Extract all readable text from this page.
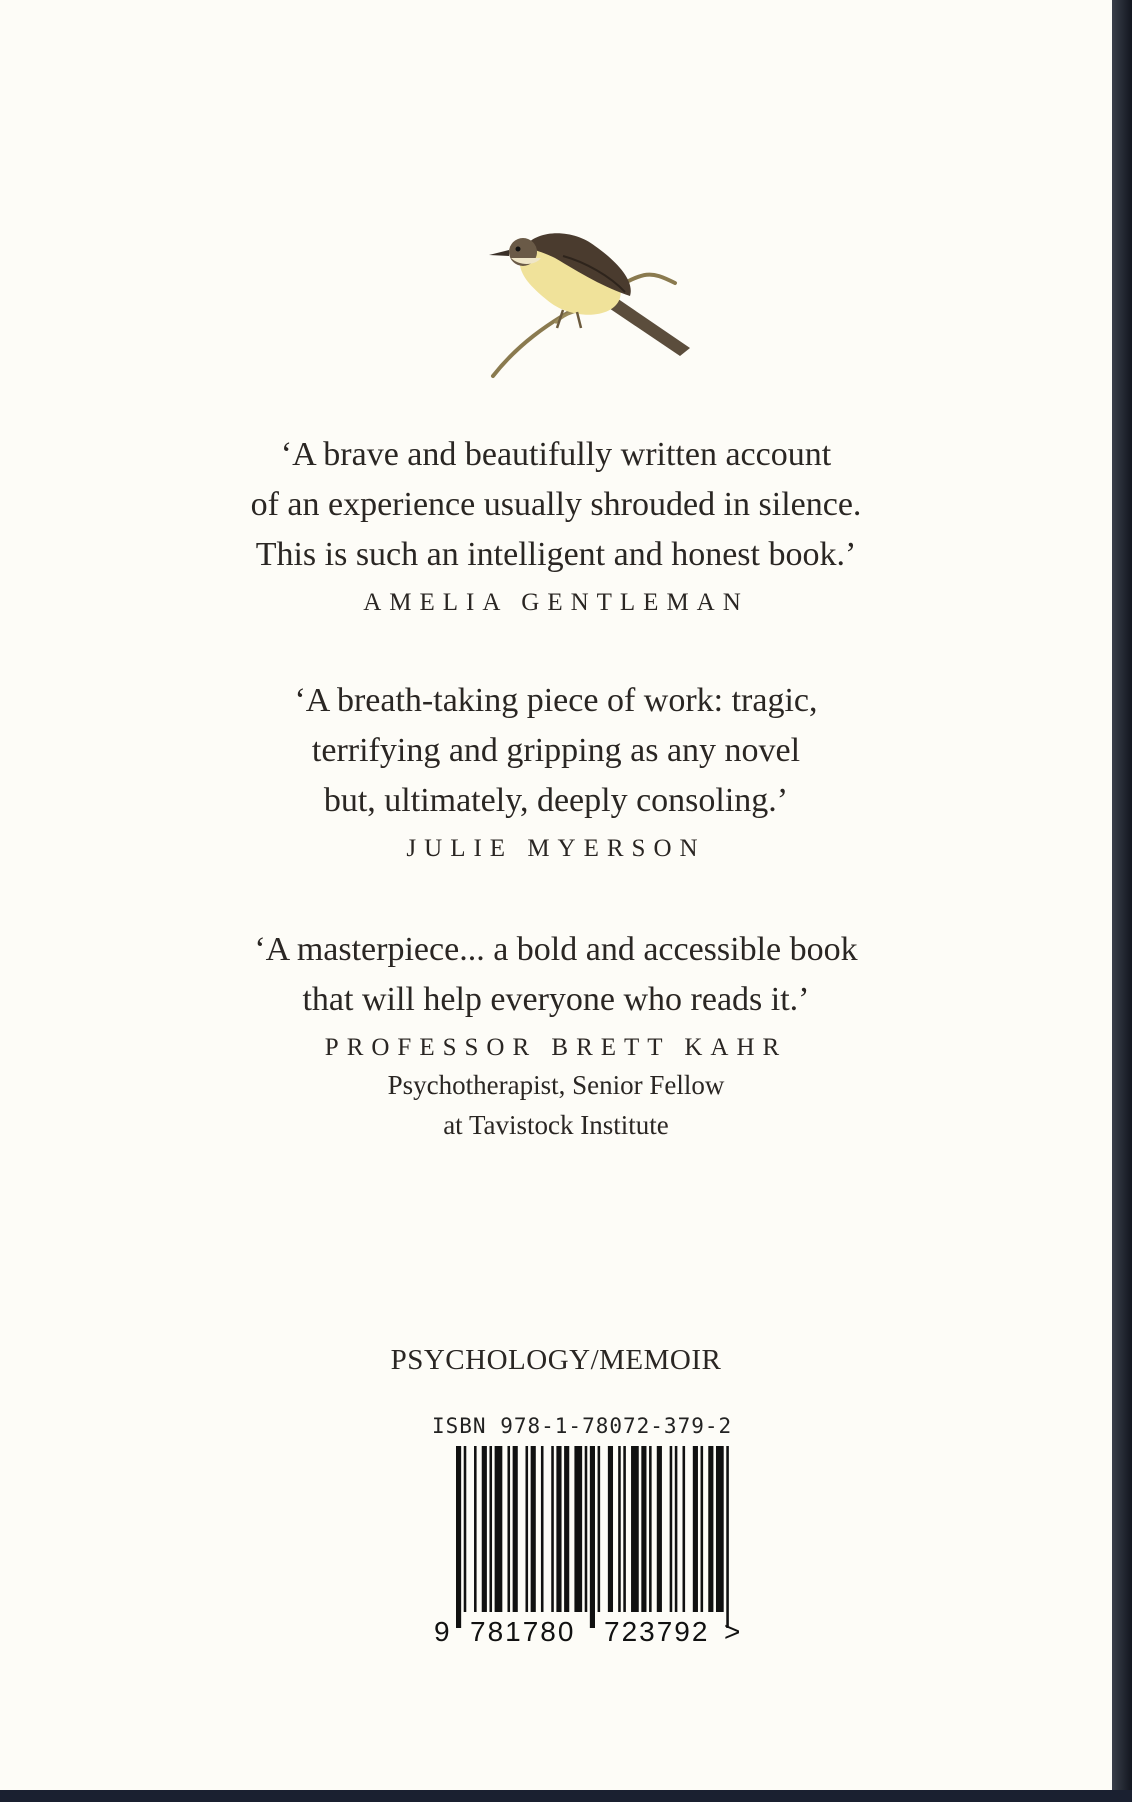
‘A brave and beautifully written account
of an experience usually shrouded in silence.
This is such an intelligent and honest book.’

AMELIA GENTLEMAN

‘A breath-taking piece of work: tragic,
terrifying and gripping as any novel
but, ultimately, deeply consoling.’

JULIE MYERSON

‘A masterpiece... a bold and accessible book
that will help everyone who reads it.’

PROFESSOR BRETT KAHR
Psychotherapist, Senior Fellow
at Tavistock Institute
PSYCHOLOGY/MEMOIR
ISBN 978-1-78072-379-2
9 781780 723792 >
